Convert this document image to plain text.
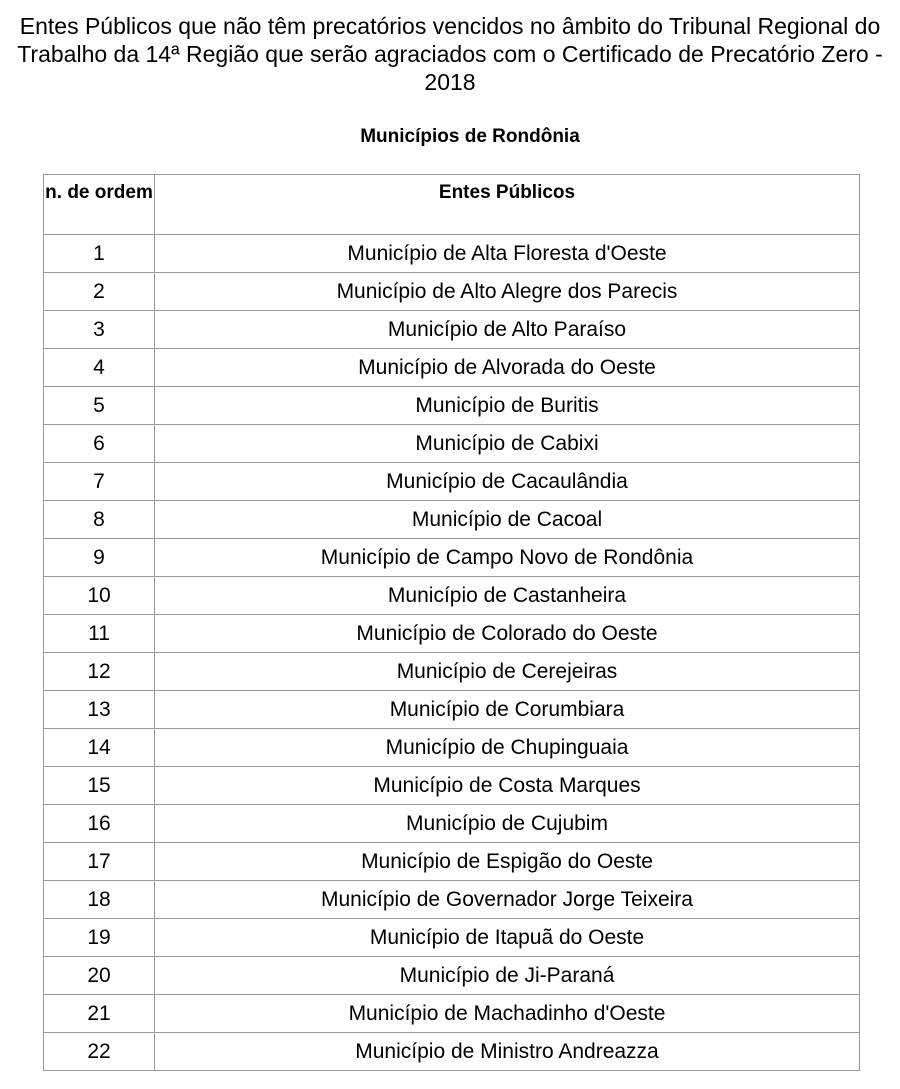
Entes Públicos que não têm precatórios vencidos no âmbito do Tribunal Regional do Trabalho da 14ª Região que serão agraciados com o Certificado de Precatório Zero - 2018
Municípios de Rondônia
n. de ordem	Entes Públicos
1	Município de Alta Floresta d'Oeste
2	Município de Alto Alegre dos Parecis
3	Município de Alto Paraíso
4	Município de Alvorada do Oeste
5	Município de Buritis
6	Município de Cabixi
7	Município de Cacaulândia
8	Município de Cacoal
9	Município de Campo Novo de Rondônia
10	Município de Castanheira
11	Município de Colorado do Oeste
12	Município de Cerejeiras
13	Município de Corumbiara
14	Município de Chupinguaia
15	Município de Costa Marques
16	Município de Cujubim
17	Município de Espigão do Oeste
18	Município de Governador Jorge Teixeira
19	Município de Itapuã do Oeste
20	Município de Ji-Paraná
21	Município de Machadinho d'Oeste
22	Município de Ministro Andreazza
